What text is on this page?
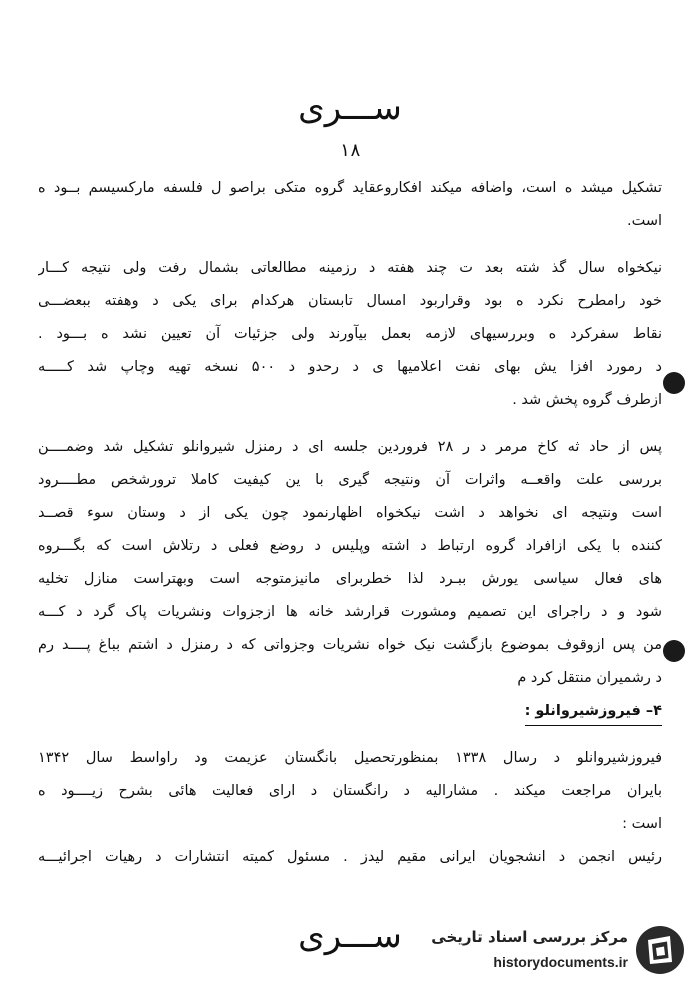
ســـری
۱۸
تشکیل میشد ه است، واضافه میکند افکاروعقاید گروه متکی براصو ل فلسفه مارکسیسم بــود ه
است.
نیکخواه سال گذ شته بعد ت چند هفته د رزمینه مطالعاتی بشمال رفت ولی نتیجه کـــار
خود رامطرح نکرد ه بود وقراربود امسال تابستان هرکدام برای یکی د وهفته ببعضـــی
نقاط سفرکرد ه وبررسیهای لازمه بعمل بیآورند ولی جزئیات آن تعیین نشد ه بـــود .
د رمورد افزا یش بهای نفت اعلامیها ی د رحدو د ۵۰۰ نسخه تهیه وچاپ شد کـــــه
ازطرف گروه پخش شد .
پس از حاد ثه کاخ مرمر د ر ۲۸ فروردین جلسه ای د رمنزل شیروانلو تشکیل شد وضمــــن
بررسی علت واقعــه واثرات آن ونتیجه گیری با ین کیفیت کاملا ترورشخص مطــــرود
است ونتیجه ای نخواهد د اشت نیکخواه اظهارنمود چون یکی از د وستان سوء قصــد
کننده با یکی ازافراد گروه ارتباط د اشته وپلیس د روضع فعلی د رتلاش است که بگـــروه
های فعال سیاسی یورش ببـرد لذا خطربرای مانیزمتوجه است وبهتراست منازل تخلیه
شود و د راجرای این تصمیم ومشورت قرارشد خانه ها ازجزوات ونشریات پاک گرد د کـــه
من پس ازوقوف بموضوع بازگشت نیک خواه نشریات وجزواتی که د رمنزل د اشتم بباغ پــــد رم
د رشمیران منتقل کرد م
۴– فیروزشیروانلو :
فیروزشیروانلو د رسال ۱۳۳۸ بمنظورتحصیل بانگستان عزیمت ود راواسط سال ۱۳۴۲
بایران مراجعت میکند . مشارالیه د رانگستان د ارای فعالیت هائی بشرح زیــــود ه
است :
رئیس انجمن د انشجویان ایرانی مقیم لیدز . مسئول کمیته انتشارات د رهیات اجرائیـــه
ســـری	مرکز بررسی اسناد تاریخی
historydocuments.ir
